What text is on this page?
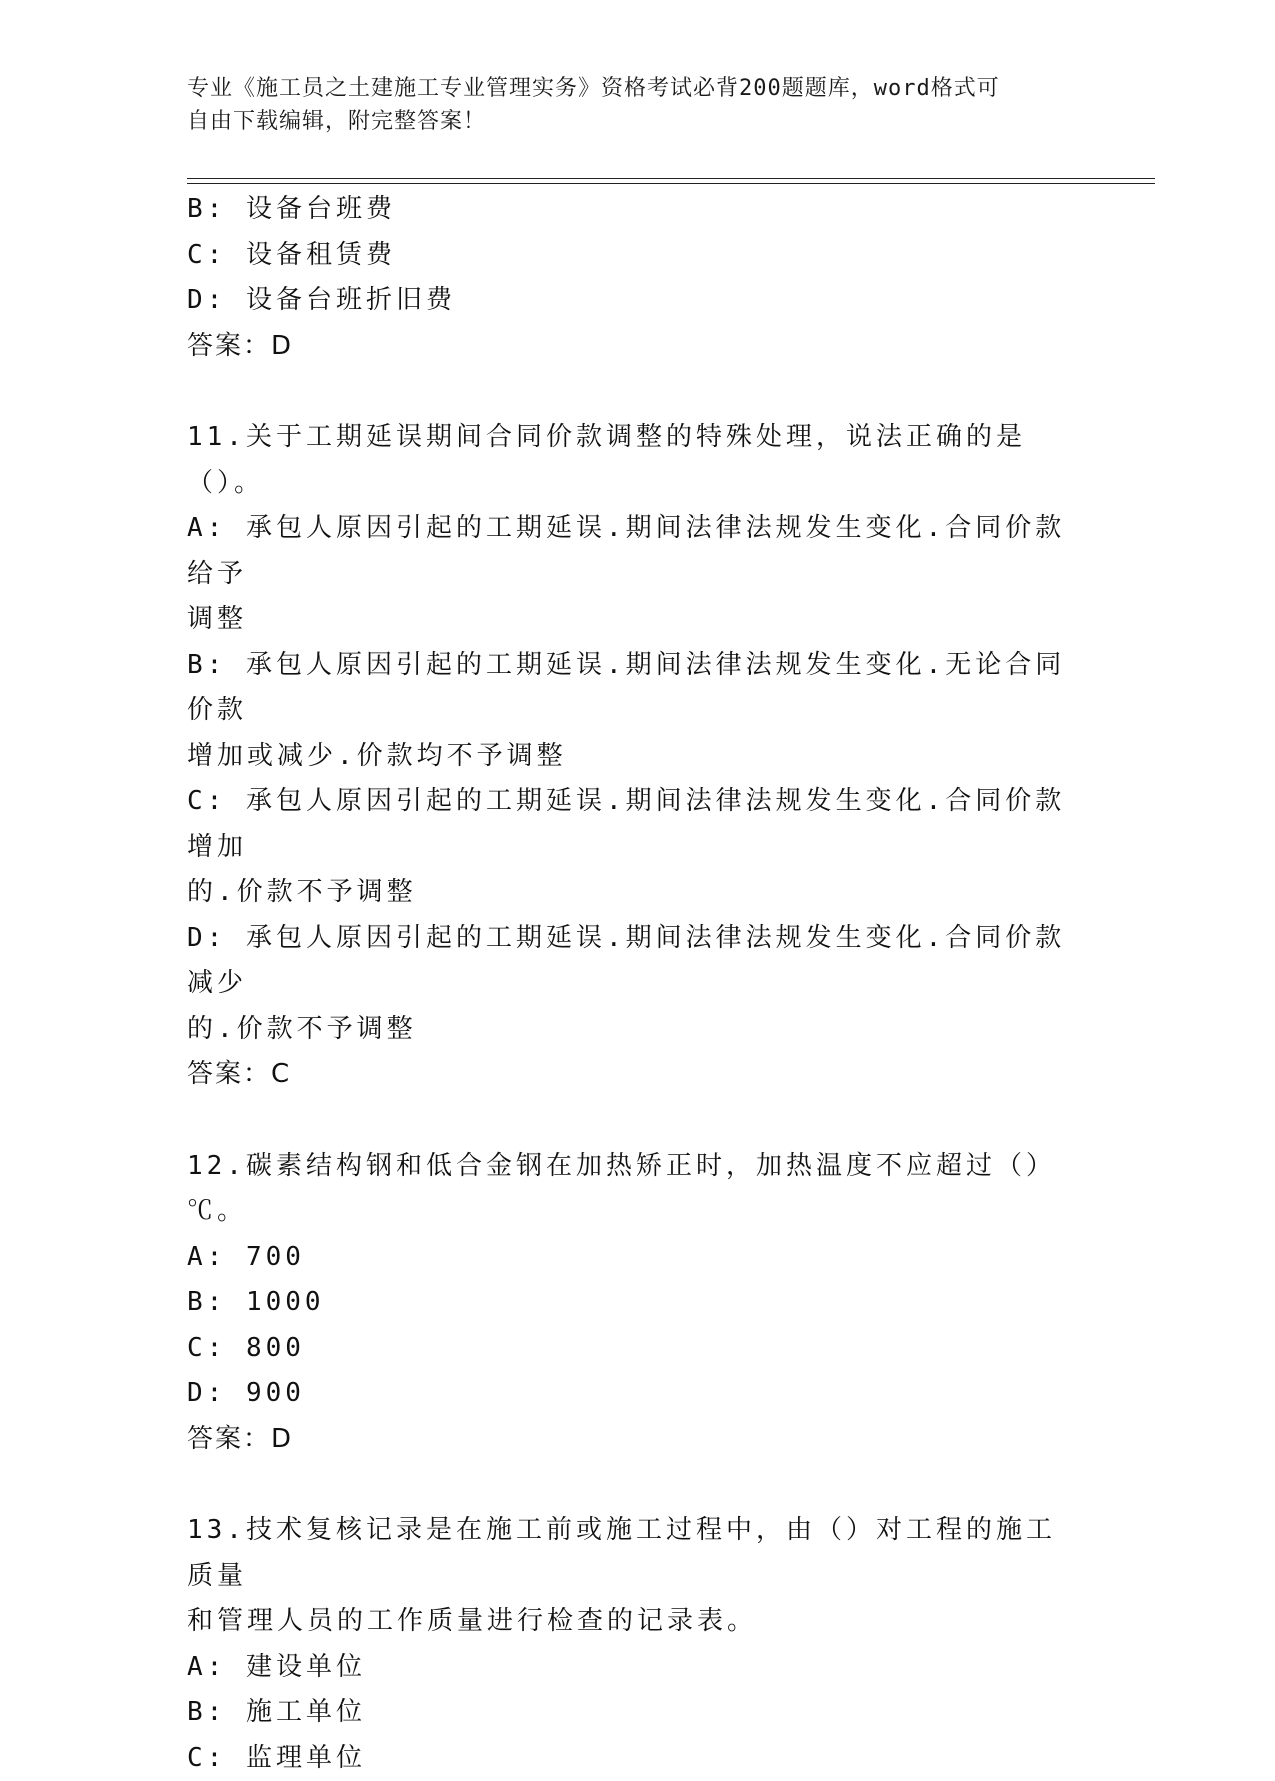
专业《施工员之土建施工专业管理实务》资格考试必背200题题库，word格式可
自由下载编辑，附完整答案！

B: 设备台班费

C: 设备租赁费

D: 设备台班折旧费

答案：D

11.关于工期延误期间合同价款调整的特殊处理，说法正确的是（）。

A: 承包人原因引起的工期延误.期间法律法规发生变化.合同价款给予

调整

B: 承包人原因引起的工期延误.期间法律法规发生变化.无论合同价款

增加或减少.价款均不予调整

C: 承包人原因引起的工期延误.期间法律法规发生变化.合同价款增加

的.价款不予调整

D: 承包人原因引起的工期延误.期间法律法规发生变化.合同价款减少

的.价款不予调整

答案：C

12.碳素结构钢和低合金钢在加热矫正时，加热温度不应超过（）℃。

A: 700

B: 1000

C: 800

D: 900

答案：D

13.技术复核记录是在施工前或施工过程中，由（）对工程的施工质量

和管理人员的工作质量进行检查的记录表。

A: 建设单位

B: 施工单位

C: 监理单位
